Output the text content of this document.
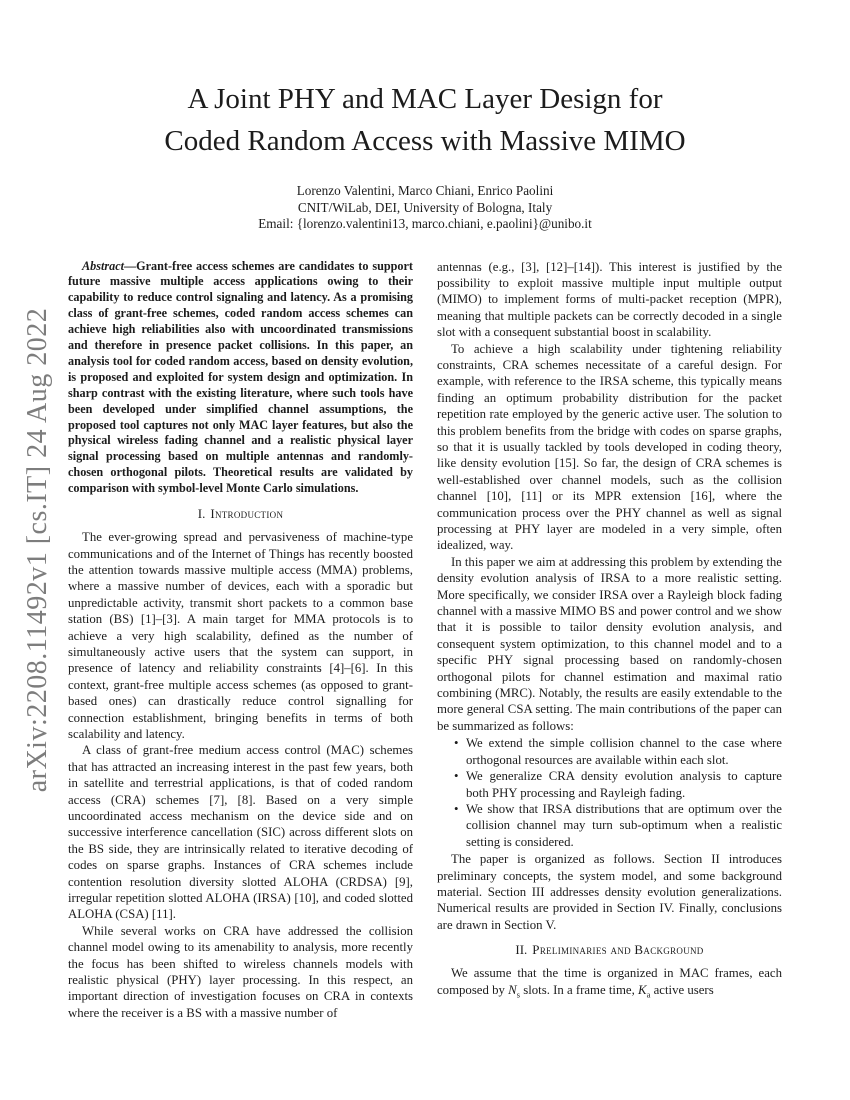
arXiv:2208.11492v1 [cs.IT] 24 Aug 2022
A Joint PHY and MAC Layer Design for
Coded Random Access with Massive MIMO
Lorenzo Valentini, Marco Chiani, Enrico Paolini
CNIT/WiLab, DEI, University of Bologna, Italy
Email: {lorenzo.valentini13, marco.chiani, e.paolini}@unibo.it

Abstract—Grant-free access schemes are candidates to support future massive multiple access applications owing to their capability to reduce control signaling and latency. As a promising class of grant-free schemes, coded random access schemes can achieve high reliabilities also with uncoordinated transmissions and therefore in presence packet collisions. In this paper, an analysis tool for coded random access, based on density evolution, is proposed and exploited for system design and optimization. In sharp contrast with the existing literature, where such tools have been developed under simplified channel assumptions, the proposed tool captures not only MAC layer features, but also the physical wireless fading channel and a realistic physical layer signal processing based on multiple antennas and randomly-chosen orthogonal pilots. Theoretical results are validated by comparison with symbol-level Monte Carlo simulations.

I. Introduction

The ever-growing spread and pervasiveness of machine-type communications and of the Internet of Things has recently boosted the attention towards massive multiple access (MMA) problems, where a massive number of devices, each with a sporadic but unpredictable activity, transmit short packets to a common base station (BS) [1]–[3]. A main target for MMA protocols is to achieve a very high scalability, defined as the number of simultaneously active users that the system can support, in presence of latency and reliability constraints [4]–[6]. In this context, grant-free multiple access schemes (as opposed to grant-based ones) can drastically reduce control signalling for connection establishment, bringing benefits in terms of both scalability and latency.

A class of grant-free medium access control (MAC) schemes that has attracted an increasing interest in the past few years, both in satellite and terrestrial applications, is that of coded random access (CRA) schemes [7], [8]. Based on a very simple uncoordinated access mechanism on the device side and on successive interference cancellation (SIC) across different slots on the BS side, they are intrinsically related to iterative decoding of codes on sparse graphs. Instances of CRA schemes include contention resolution diversity slotted ALOHA (CRDSA) [9], irregular repetition slotted ALOHA (IRSA) [10], and coded slotted ALOHA (CSA) [11].

While several works on CRA have addressed the collision channel model owing to its amenability to analysis, more recently the focus has been shifted to wireless channels models with realistic physical (PHY) layer processing. In this respect, an important direction of investigation focuses on CRA in contexts where the receiver is a BS with a massive number of

antennas (e.g., [3], [12]–[14]). This interest is justified by the possibility to exploit massive multiple input multiple output (MIMO) to implement forms of multi-packet reception (MPR), meaning that multiple packets can be correctly decoded in a single slot with a consequent substantial boost in scalability.

To achieve a high scalability under tightening reliability constraints, CRA schemes necessitate of a careful design. For example, with reference to the IRSA scheme, this typically means finding an optimum probability distribution for the packet repetition rate employed by the generic active user. The solution to this problem benefits from the bridge with codes on sparse graphs, so that it is usually tackled by tools developed in coding theory, like density evolution [15]. So far, the design of CRA schemes is well-established over channel models, such as the collision channel [10], [11] or its MPR extension [16], where the communication process over the PHY channel as well as signal processing at PHY layer are modeled in a very simple, often idealized, way.

In this paper we aim at addressing this problem by extending the density evolution analysis of IRSA to a more realistic setting. More specifically, we consider IRSA over a Rayleigh block fading channel with a massive MIMO BS and power control and we show that it is possible to tailor density evolution analysis, and consequent system optimization, to this channel model and to a specific PHY signal processing based on randomly-chosen orthogonal pilots for channel estimation and maximal ratio combining (MRC). Notably, the results are easily extendable to the more general CSA setting. The main contributions of the paper can be summarized as follows:

• We extend the simple collision channel to the case where orthogonal resources are available within each slot.
• We generalize CRA density evolution analysis to capture both PHY processing and Rayleigh fading.
• We show that IRSA distributions that are optimum over the collision channel may turn sub-optimum when a realistic setting is considered.

The paper is organized as follows. Section II introduces preliminary concepts, the system model, and some background material. Section III addresses density evolution generalizations. Numerical results are provided in Section IV. Finally, conclusions are drawn in Section V.

II. Preliminaries and Background

We assume that the time is organized in MAC frames, each composed by $N_s$ slots. In a frame time, $K_a$ active users
